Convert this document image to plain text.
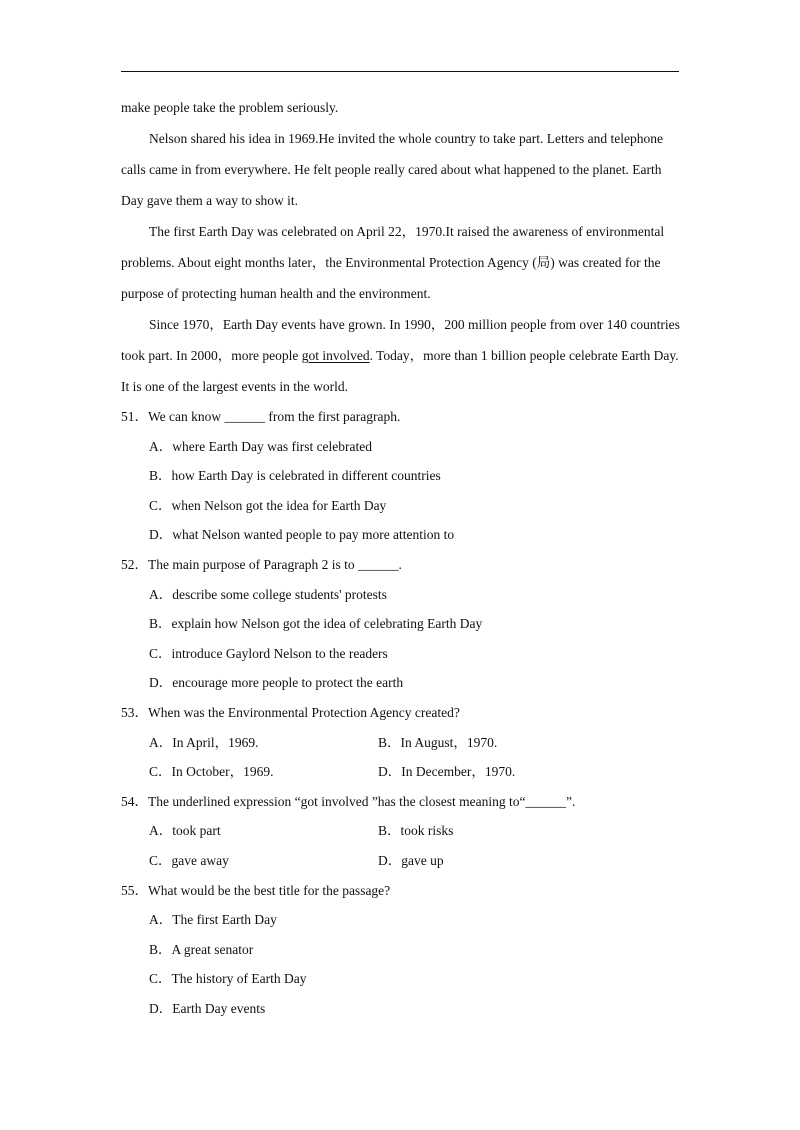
make people take the problem seriously.

Nelson shared his idea in 1969.He invited the whole country to take part. Letters and telephone calls came in from everywhere. He felt people really cared about what happened to the planet. Earth Day gave them a way to show it.

The first Earth Day was celebrated on April 22，1970.It raised the awareness of environmental problems. About eight months later，the Environmental Protection Agency (局) was created for the purpose of protecting human health and the environment.

Since 1970，Earth Day events have grown. In 1990，200 million people from over 140 countries took part. In 2000，more people got involved. Today，more than 1 billion people celebrate Earth Day. It is one of the largest events in the world.

51．We can know ______ from the first paragraph.

A．where Earth Day was first celebrated

B．how Earth Day is celebrated in different countries

C．when Nelson got the idea for Earth Day

D．what Nelson wanted people to pay more attention to

52．The main purpose of Paragraph 2 is to ______.

A．describe some college students' protests

B．explain how Nelson got the idea of celebrating Earth Day

C．introduce Gaylord Nelson to the readers

D．encourage more people to protect the earth

53．When was the Environmental Protection Agency created?

A．In April，1969.	B．In August，1970.
C．In October，1969.	D．In December，1970.

54．The underlined expression “got involved ”has the closest meaning to“______”.

A．took part	B．took risks
C．gave away	D．gave up

55．What would be the best title for the passage?

A．The first Earth Day

B．A great senator

C．The history of Earth Day

D．Earth Day events
